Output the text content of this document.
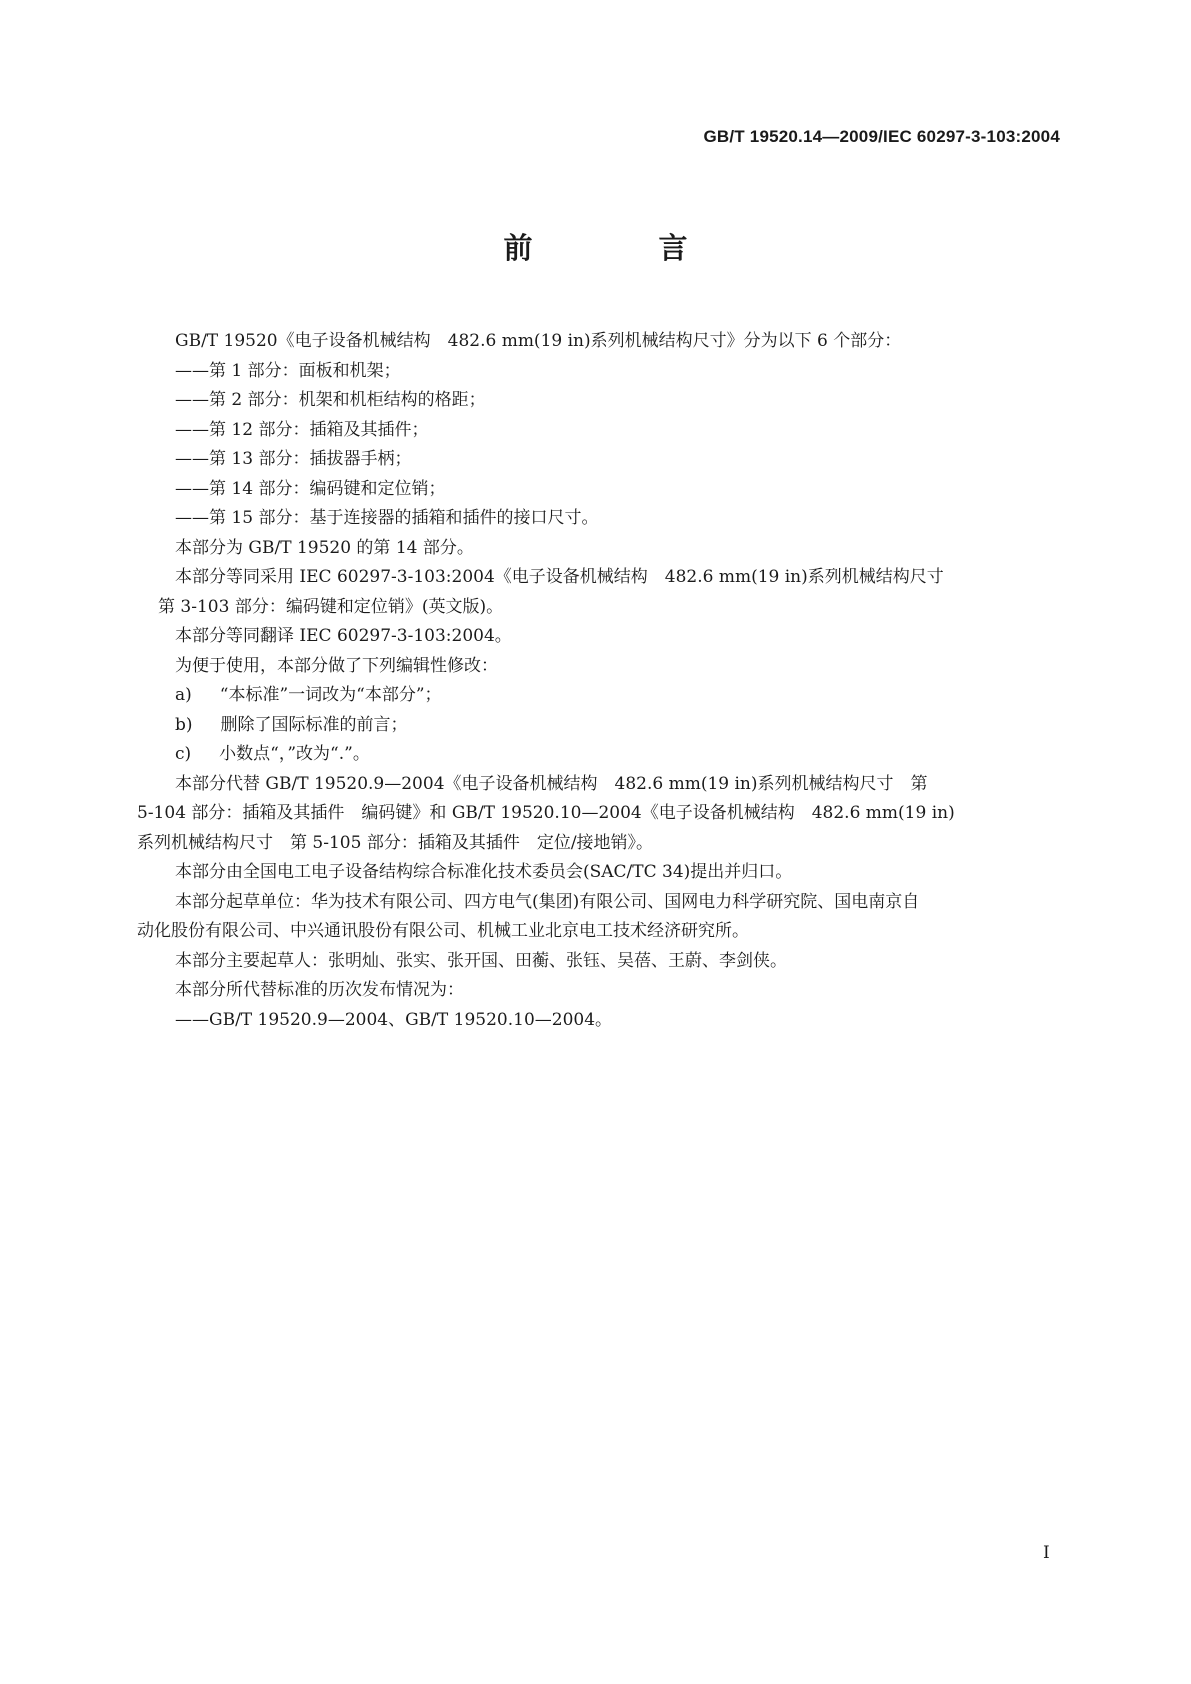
GB/T 19520.14—2009/IEC 60297-3-103:2004
前 言

GB/T 19520《电子设备机械结构　482.6 mm(19 in)系列机械结构尺寸》分为以下 6 个部分：

——第 1 部分：面板和机架；

——第 2 部分：机架和机柜结构的格距；

——第 12 部分：插箱及其插件；

——第 13 部分：插拔器手柄；

——第 14 部分：编码键和定位销；

——第 15 部分：基于连接器的插箱和插件的接口尺寸。

本部分为 GB/T 19520 的第 14 部分。

本部分等同采用 IEC 60297-3-103:2004《电子设备机械结构　482.6 mm(19 in)系列机械结构尺寸

第 3-103 部分：编码键和定位销》(英文版)。

本部分等同翻译 IEC 60297-3-103:2004。

为便于使用，本部分做了下列编辑性修改：

a) “本标准”一词改为“本部分”；

b) 删除了国际标准的前言；

c) 小数点“，”改为“.”。

本部分代替 GB/T 19520.9—2004《电子设备机械结构　482.6 mm(19 in)系列机械结构尺寸　第

5-104 部分：插箱及其插件　编码键》和 GB/T 19520.10—2004《电子设备机械结构　482.6 mm(19 in)

系列机械结构尺寸　第 5-105 部分：插箱及其插件　定位/接地销》。

本部分由全国电工电子设备结构综合标准化技术委员会(SAC/TC 34)提出并归口。

本部分起草单位：华为技术有限公司、四方电气(集团)有限公司、国网电力科学研究院、国电南京自

动化股份有限公司、中兴通讯股份有限公司、机械工业北京电工技术经济研究所。

本部分主要起草人：张明灿、张实、张开国、田蘅、张钰、吴蓓、王蔚、李剑侠。

本部分所代替标准的历次发布情况为：

——GB/T 19520.9—2004、GB/T 19520.10—2004。

I
